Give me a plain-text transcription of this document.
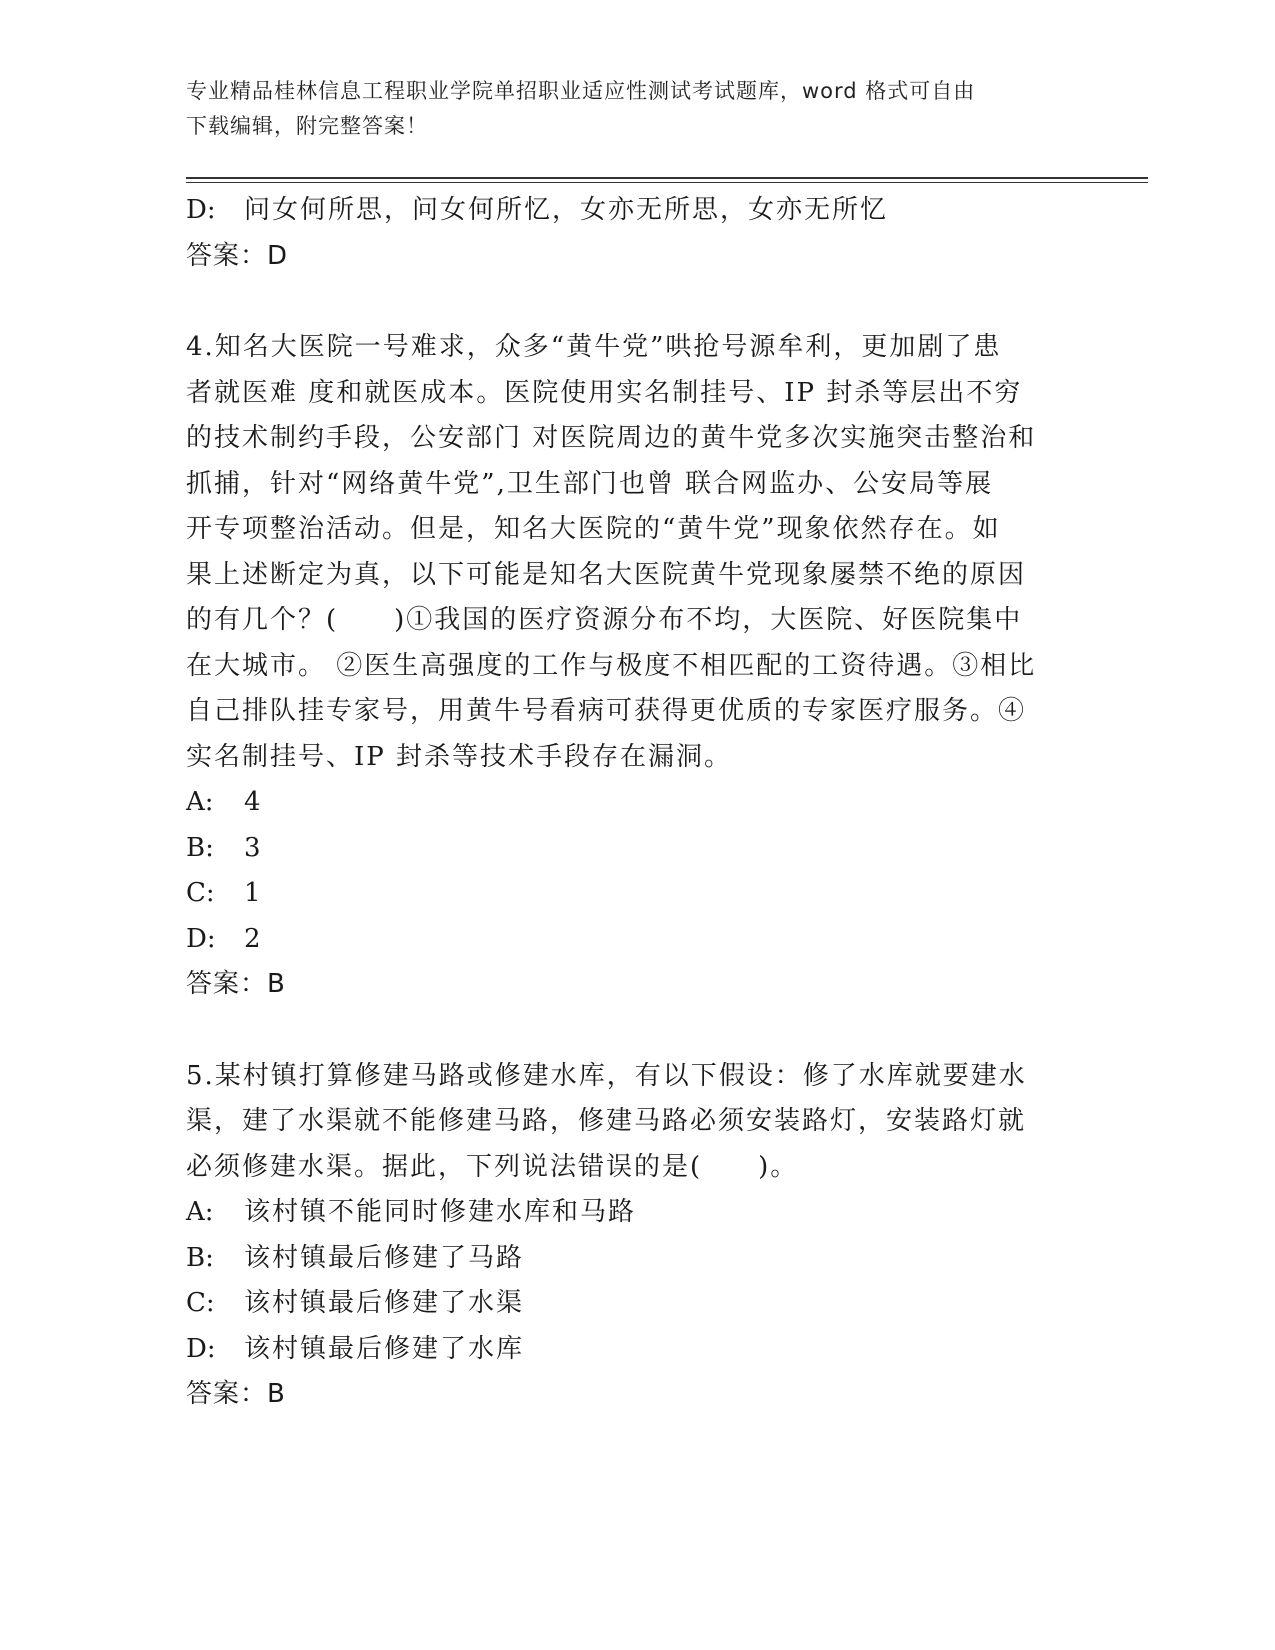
专业精品桂林信息工程职业学院单招职业适应性测试考试题库，word 格式可自由
下载编辑，附完整答案！
D: 问女何所思，问女何所忆，女亦无所思，女亦无所忆
答案：D
4.知名大医院一号难求，众多“黄牛党”哄抢号源牟利，更加剧了患
者就医难 度和就医成本。医院使用实名制挂号、IP 封杀等层出不穷
的技术制约手段，公安部门 对医院周边的黄牛党多次实施突击整治和
抓捕，针对“网络黄牛党”,卫生部门也曾 联合网监办、公安局等展
开专项整治活动。但是，知名大医院的“黄牛党”现象依然存在。如
果上述断定为真，以下可能是知名大医院黄牛党现象屡禁不绝的原因
的有几个？(　　)①我国的医疗资源分布不均，大医院、好医院集中
在大城市。 ②医生高强度的工作与极度不相匹配的工资待遇。③相比
自己排队挂专家号，用黄牛号看病可获得更优质的专家医疗服务。④
实名制挂号、IP 封杀等技术手段存在漏洞。
A: 4
B: 3
C: 1
D: 2
答案：B
5.某村镇打算修建马路或修建水库，有以下假设：修了水库就要建水
渠，建了水渠就不能修建马路，修建马路必须安装路灯，安装路灯就
必须修建水渠。据此，下列说法错误的是(　　)。
A: 该村镇不能同时修建水库和马路
B: 该村镇最后修建了马路
C: 该村镇最后修建了水渠
D: 该村镇最后修建了水库
答案：B
